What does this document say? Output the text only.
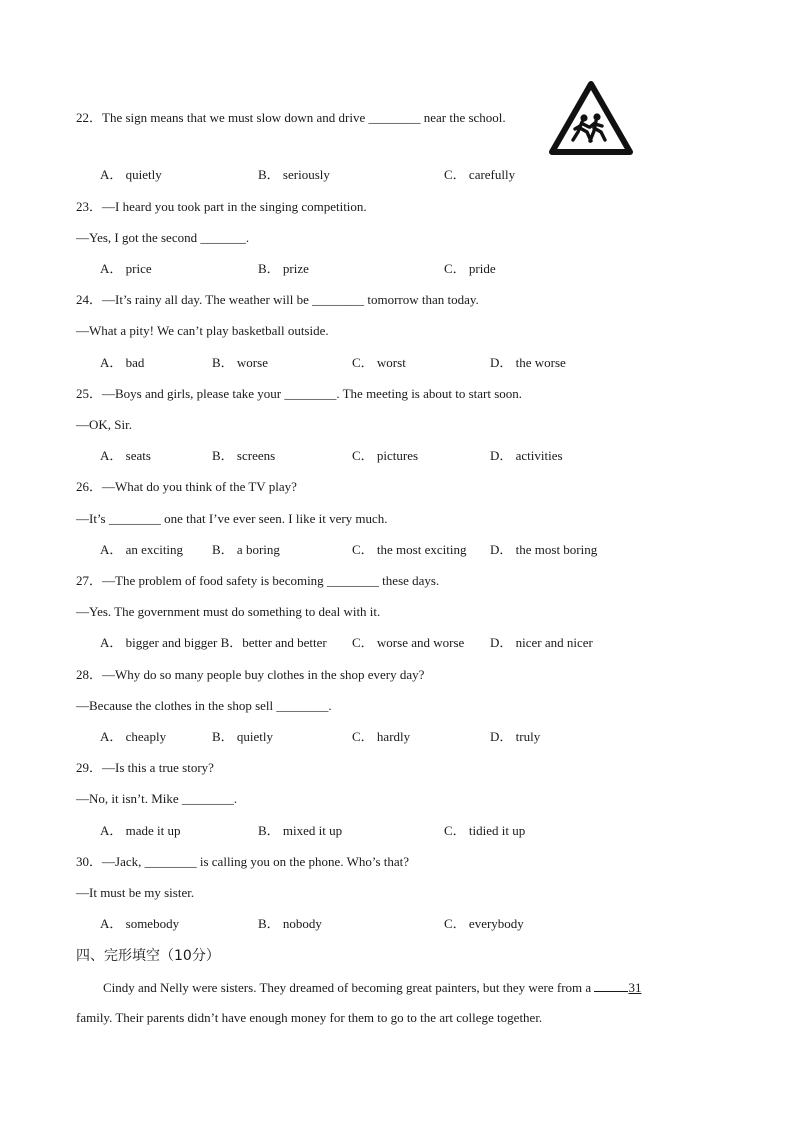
22．The sign means that we must slow down and drive ________ near the school.
A． quietly	B． seriously	C． carefully
23．—I heard you took part in the singing competition.
—Yes, I got the second _______.
A． price	B． prize	C． pride
24．—It’s rainy all day. The weather will be ________ tomorrow than today.
—What a pity! We can’t play basketball outside.
A． bad	B． worse	C． worst	D． the worse
25．—Boys and girls, please take your ________. The meeting is about to start soon.
—OK, Sir.
A． seats	B． screens	C． pictures	D． activities
26．—What do you think of the TV play?
—It’s ________ one that I’ve ever seen. I like it very much.
A． an exciting B． a boring	C． the most exciting D． the most boring
27．—The problem of food safety is becoming ________ these days.
—Yes. The government must do something to deal with it.
A． bigger and bigger B．better and better C． worse and worse D． nicer and nicer
28．—Why do so many people buy clothes in the shop every day?
—Because the clothes in the shop sell ________.
A． cheaply	B． quietly	C． hardly	D． truly
29．—Is this a true story?
—No, it isn’t. Mike ________.
A． made it up	B． mixed it up	C． tidied it up
30．—Jack, ________ is calling you on the phone. Who’s that?
—It must be my sister.
A． somebody	B． nobody	C． everybody
四、完形填空（10分）
Cindy and Nelly were sisters. They dreamed of becoming great painters, but they were from a	31
family. Their parents didn’t have enough money for them to go to the art college together.
